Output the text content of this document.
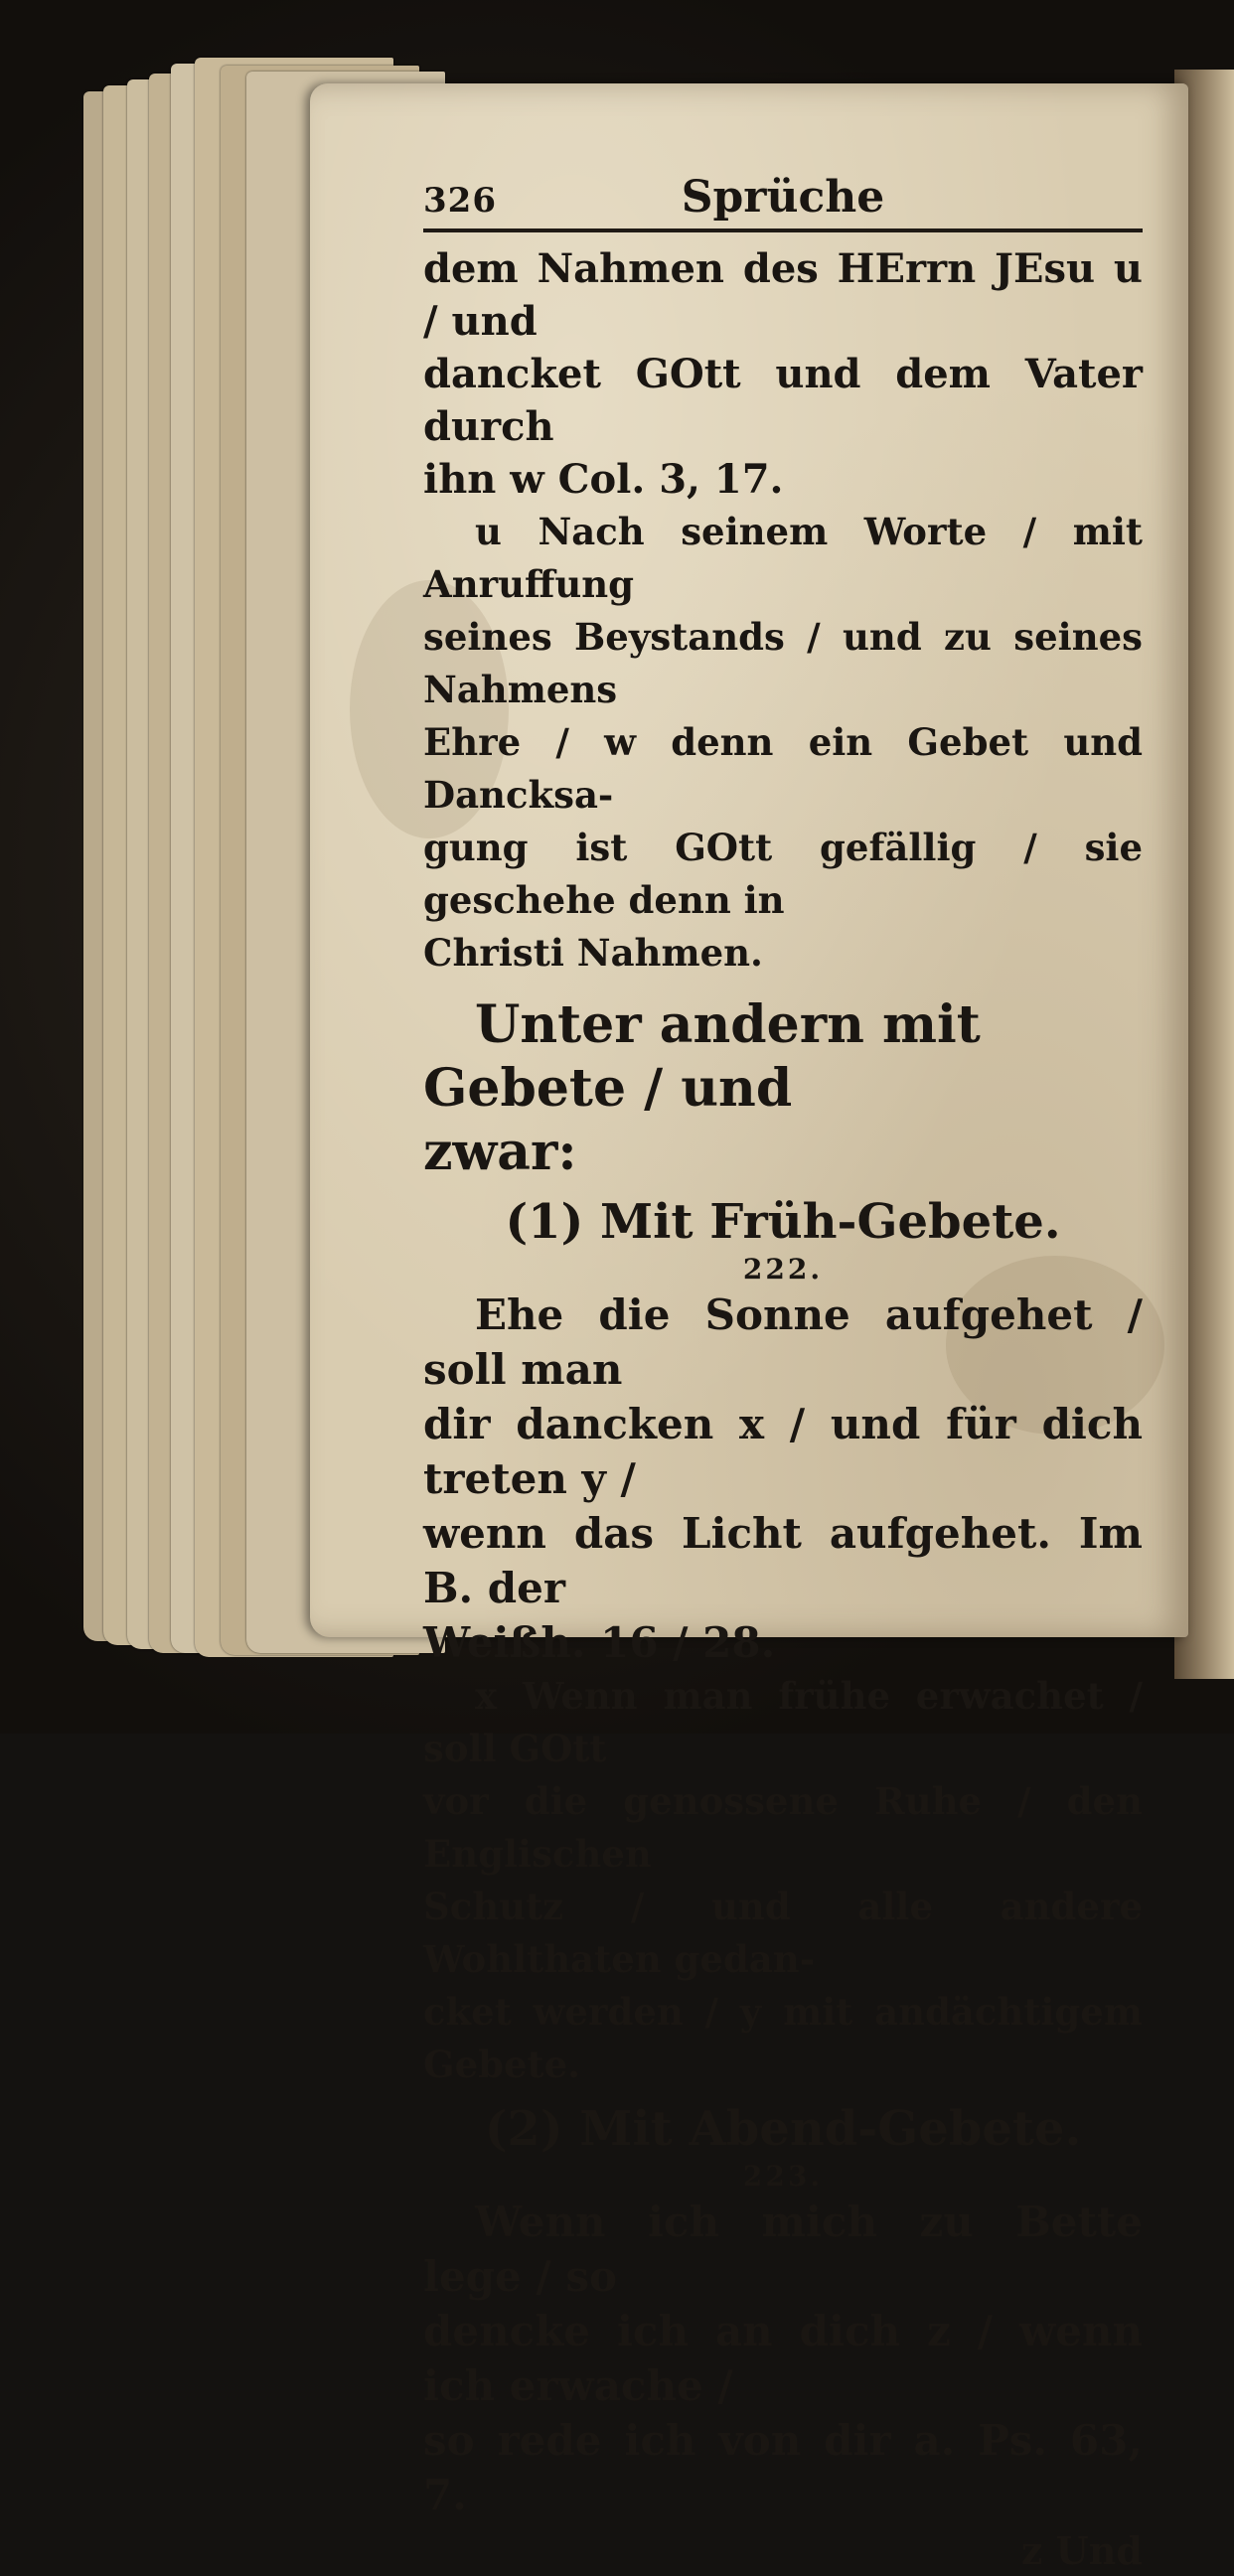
326	Sprüche
dem Nahmen des HErrn JEsu u / und
dancket GOtt und dem Vater durch
ihn w Col. 3, 17.
u Nach seinem Worte / mit Anruffung
seines Beystands / und zu seines Nahmens
Ehre / w denn ein Gebet und Dancksa-
gung ist GOtt gefällig / sie geschehe denn in
Christi Nahmen.
Unter andern mit Gebete / und
zwar:
(1) Mit Früh-Gebete.
222.
Ehe die Sonne aufgehet / soll man
dir dancken x / und für dich treten y /
wenn das Licht aufgehet. Im B. der
Weißh. 16 / 28.
x Wenn man frühe erwachet / soll GOtt
vor die genossene Ruhe / den Englischen
Schutz / und alle andere Wohlthaten gedan-
cket werden / y mit andächtigem Gebete.
(2) Mit Abend-Gebete.
223.
Wenn ich mich zu Bette lege / so
dencke ich an dich z / wenn ich erwache /
so rede ich von dir a. Ps. 63, 7.
z Und
